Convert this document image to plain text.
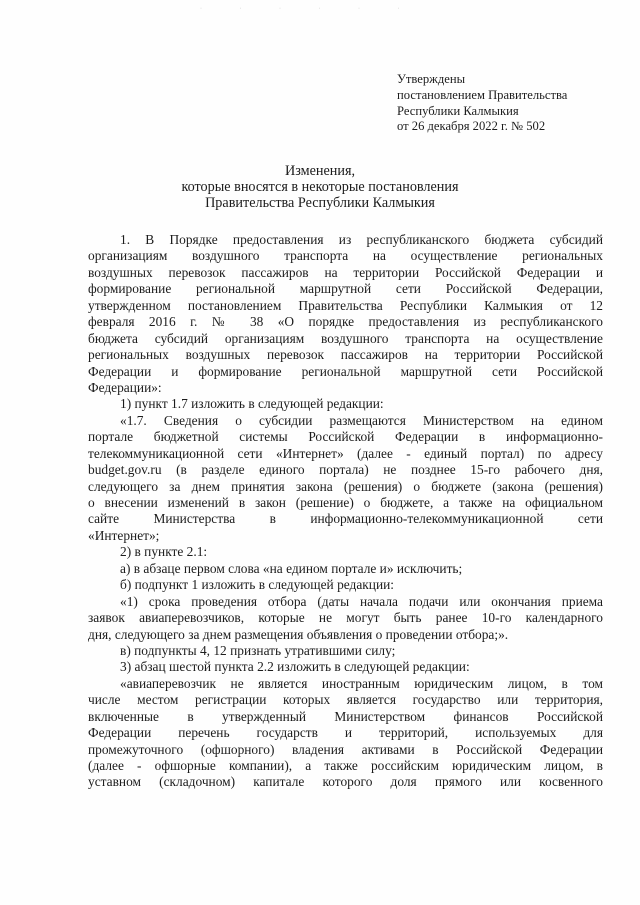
· · · · · ·
Утверждены
постановлением Правительства
Республики Калмыкия
от 26 декабря 2022 г. № 502
Изменения,
которые вносятся в некоторые постановления
Правительства Республики Калмыкия
1. В Порядке предоставления из республиканского бюджета субсидий
организациям воздушного транспорта на осуществление региональных
воздушных перевозок пассажиров на территории Российской Федерации и
формирование региональной маршрутной сети Российской Федерации,
утвержденном постановлением Правительства Республики Калмыкия от 12
февраля 2016 г. № 38 «О порядке предоставления из республиканского
бюджета субсидий организациям воздушного транспорта на осуществление
региональных воздушных перевозок пассажиров на территории Российской
Федерации и формирование региональной маршрутной сети Российской
Федерации»:
1) пункт 1.7 изложить в следующей редакции:
«1.7. Сведения о субсидии размещаются Министерством на едином
портале бюджетной системы Российской Федерации в информационно-
телекоммуникационной сети «Интернет» (далее - единый портал) по адресу
budget.gov.ru (в разделе единого портала) не позднее 15-го рабочего дня,
следующего за днем принятия закона (решения) о бюджете (закона (решения)
о внесении изменений в закон (решение) о бюджете, а также на официальном
сайте Министерства в информационно-телекоммуникационной сети
«Интернет»;
2) в пункте 2.1:
а) в абзаце первом слова «на едином портале и» исключить;
б) подпункт 1 изложить в следующей редакции:
«1) срока проведения отбора (даты начала подачи или окончания приема
заявок авиаперевозчиков, которые не могут быть ранее 10-го календарного
дня, следующего за днем размещения объявления о проведении отбора;».
в) подпункты 4, 12 признать утратившими силу;
3) абзац шестой пункта 2.2 изложить в следующей редакции:
«авиаперевозчик не является иностранным юридическим лицом, в том
числе местом регистрации которых является государство или территория,
включенные в утвержденный Министерством финансов Российской
Федерации перечень государств и территорий, используемых для
промежуточного (офшорного) владения активами в Российской Федерации
(далее - офшорные компании), а также российским юридическим лицом, в
уставном (складочном) капитале которого доля прямого или косвенного
